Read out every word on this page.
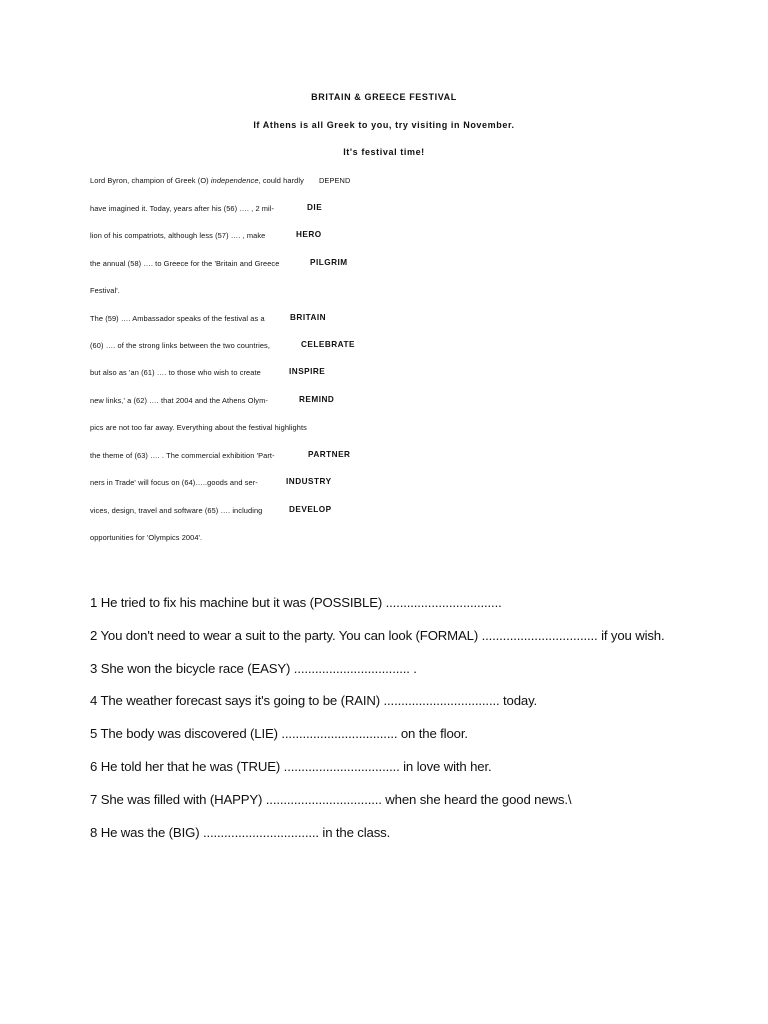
BRITAIN & GREECE FESTIVAL
If Athens is all Greek to you, try visiting in November.
It's festival time!
Lord Byron, champion of Greek (O) independence, could hardly
have imagined it. Today, years after his (56) …. , 2 mil-
lion of his compatriots, although less (57) …. , make
the annual (58) …. to Greece for the 'Britain and Greece
Festival'.
The (59) …. Ambassador speaks of the festival as a
(60) …. of the strong links between the two countries,
but also as 'an (61) …. to those who wish to create
new links,' a (62) …. that 2004 and the Athens Olym-
pics are not too far away. Everything about the festival highlights
the theme of (63) …. . The commercial exhibition 'Part-
ners in Trade' will focus on (64)…..goods and ser-
vices, design, travel and software (65) …. including
opportunities for 'Olympics 2004'.
DEPEND
DIE
HERO
PILGRIM
BRITAIN
CELEBRATE
INSPIRE
REMIND
PARTNER
INDUSTRY
DEVELOP
1 He tried to fix his machine but it was (POSSIBLE) .................................
2 You don't need to wear a suit to the party. You can look (FORMAL) ................................. if you wish.
3 She won the bicycle race (EASY) ................................. .
4 The weather forecast says it's going to be (RAIN) ................................. today.
5 The body was discovered (LIE) ................................. on the floor.
6 He told her that he was (TRUE) ................................. in love with her.
7 She was filled with (HAPPY) ................................. when she heard the good news.\
8 He was the (BIG) ................................. in the class.
